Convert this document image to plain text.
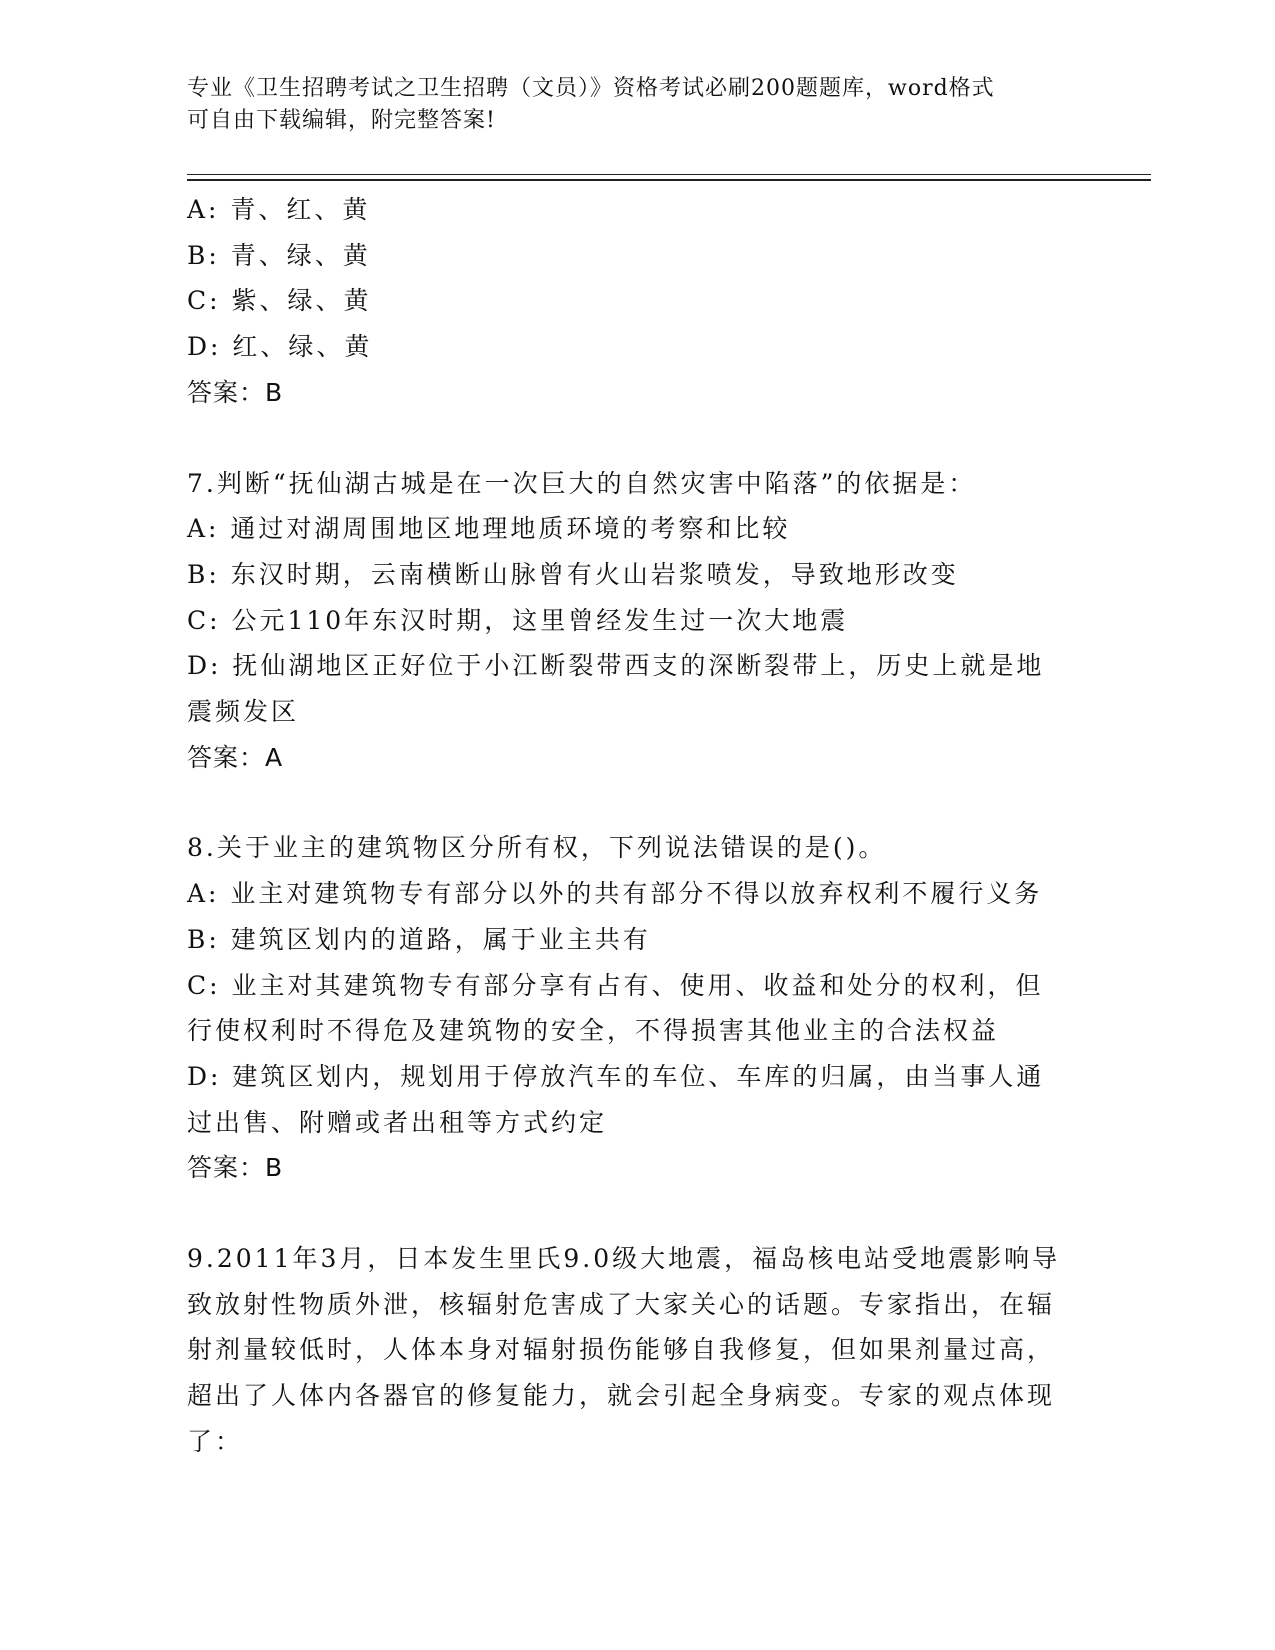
专业《卫生招聘考试之卫生招聘（文员）》资格考试必刷200题题库，word格式
可自由下载编辑，附完整答案!
A: 青、红、黄
B: 青、绿、黄
C: 紫、绿、黄
D: 红、绿、黄
答案：B
7.判断“抚仙湖古城是在一次巨大的自然灾害中陷落”的依据是：
A: 通过对湖周围地区地理地质环境的考察和比较
B: 东汉时期，云南横断山脉曾有火山岩浆喷发，导致地形改变
C: 公元110年东汉时期，这里曾经发生过一次大地震
D: 抚仙湖地区正好位于小江断裂带西支的深断裂带上，历史上就是地震频发区
答案：A
8.关于业主的建筑物区分所有权，下列说法错误的是()。
A: 业主对建筑物专有部分以外的共有部分不得以放弃权利不履行义务
B: 建筑区划内的道路，属于业主共有
C: 业主对其建筑物专有部分享有占有、使用、收益和处分的权利，但行使权利时不得危及建筑物的安全，不得损害其他业主的合法权益
D: 建筑区划内，规划用于停放汽车的车位、车库的归属，由当事人通过出售、附赠或者出租等方式约定
答案：B
9.2011年3月，日本发生里氏9.0级大地震，福岛核电站受地震影响导致放射性物质外泄，核辐射危害成了大家关心的话题。专家指出，在辐射剂量较低时，人体本身对辐射损伤能够自我修复，但如果剂量过高，超出了人体内各器官的修复能力，就会引起全身病变。专家的观点体现了：
